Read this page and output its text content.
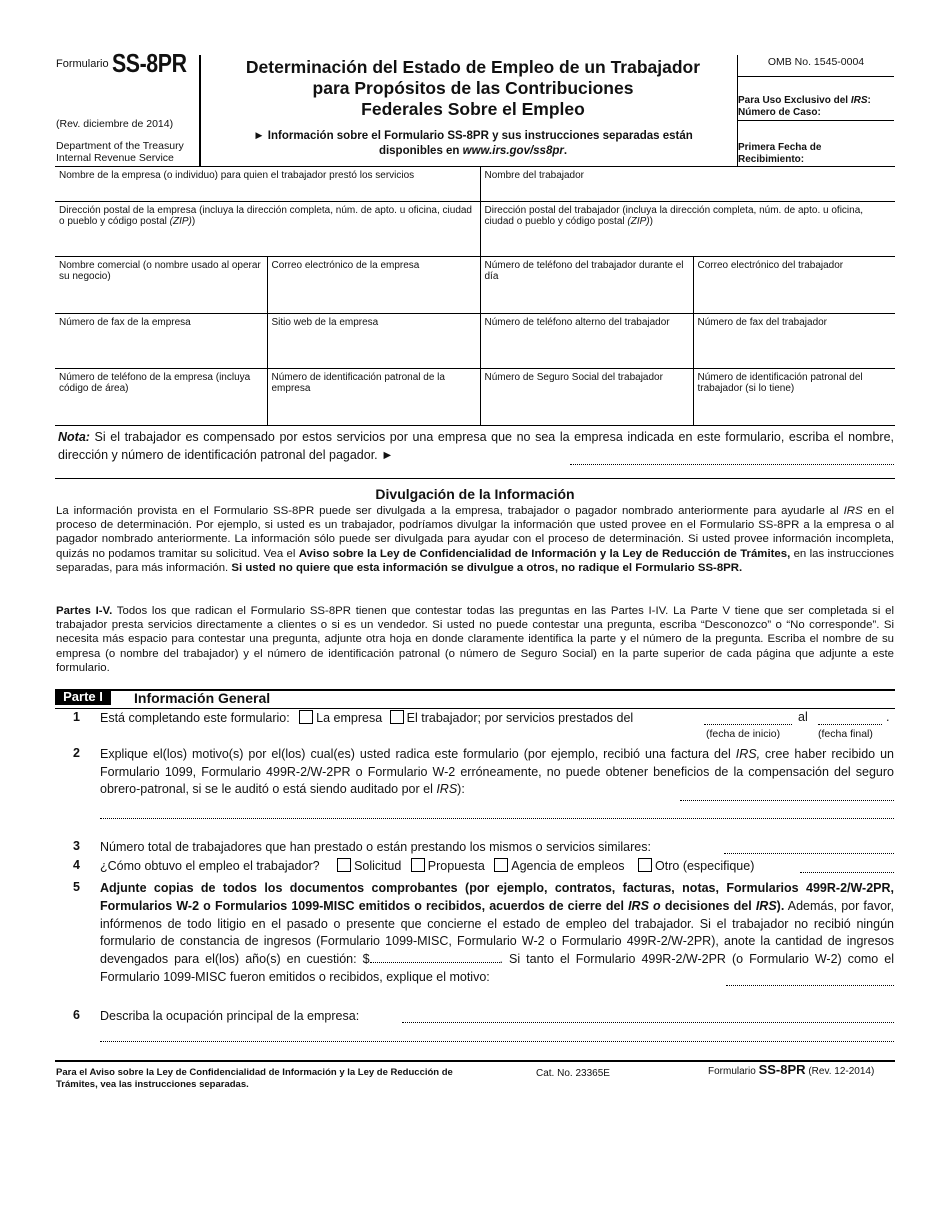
Formulario SS-8PR
(Rev. diciembre de 2014)
Department of the Treasury
Internal Revenue Service
Determinación del Estado de Empleo de un Trabajador
para Propósitos de las Contribuciones
Federales Sobre el Empleo
► Información sobre el Formulario SS-8PR y sus instrucciones separadas están
disponibles en www.irs.gov/ss8pr.
OMB No. 1545-0004
Para Uso Exclusivo del IRS:
Número de Caso:
Primera Fecha de
Recibimiento:
Nombre de la empresa (o individuo) para quien el trabajador prestó los servicios		Nombre del trabajador	
Dirección postal de la empresa (incluya la dirección completa, núm. de apto. u oficina, ciudad o pueblo y código postal (ZIP))		Dirección postal del trabajador (incluya la dirección completa, núm. de apto. u oficina, ciudad o pueblo y código postal (ZIP))	
Nombre comercial (o nombre usado al operar su negocio)	Correo electrónico de la empresa	Número de teléfono del trabajador durante el día	Correo electrónico del trabajador
Número de fax de la empresa	Sitio web de la empresa	Número de teléfono alterno del trabajador	Número de fax del trabajador
Número de teléfono de la empresa (incluya código de área)	Número de identificación patronal de la empresa	Número de Seguro Social del trabajador	Número de identificación patronal del trabajador (si lo tiene)
Nota: Si el trabajador es compensado por estos servicios por una empresa que no sea la empresa indicada en este formulario, escriba el nombre, dirección y número de identificación patronal del pagador. ►
Divulgación de la Información
La información provista en el Formulario SS-8PR puede ser divulgada a la empresa, trabajador o pagador nombrado anteriormente para ayudarle al IRS en el proceso de determinación. Por ejemplo, si usted es un trabajador, podríamos divulgar la información que usted provee en el Formulario SS-8PR a la empresa o al pagador nombrado anteriormente. La información sólo puede ser divulgada para ayudar con el proceso de determinación. Si usted provee información incompleta, quizás no podamos tramitar su solicitud. Vea el Aviso sobre la Ley de Confidencialidad de Información y la Ley de Reducción de Trámites, en las instrucciones separadas, para más información. Si usted no quiere que esta información se divulgue a otros, no radique el Formulario SS-8PR.
Partes I-V. Todos los que radican el Formulario SS-8PR tienen que contestar todas las preguntas en las Partes I-IV. La Parte V tiene que ser completada si el trabajador presta servicios directamente a clientes o si es un vendedor. Si usted no puede contestar una pregunta, escriba “Desconozco” o “No corresponde”. Si necesita más espacio para contestar una pregunta, adjunte otra hoja en donde claramente identifica la parte y el número de la pregunta. Escriba el nombre de su empresa (o nombre del trabajador) y el número de identificación patronal (o número de Seguro Social) en la parte superior de cada página que adjunte a este formulario.
Parte I	Información General
1 Está completando este formulario: La empresa El trabajador; por servicios prestados del	al	.
(fecha de inicio)	(fecha final)
2 Explique el(los) motivo(s) por el(los) cual(es) usted radica este formulario (por ejemplo, recibió una factura del IRS, cree haber recibido un Formulario 1099, Formulario 499R-2/W-2PR o Formulario W-2 erróneamente, no puede obtener beneficios de la compensación del seguro obrero-patronal, si se le auditó o está siendo auditado por el IRS):
3 Número total de trabajadores que han prestado o están prestando los mismos o servicios similares:
4 ¿Cómo obtuvo el empleo el trabajador?	Solicitud Propuesta Agencia de empleos Otro (especifique)
5 Adjunte copias de todos los documentos comprobantes (por ejemplo, contratos, facturas, notas, Formularios 499R-2/W-2PR, Formularios W-2 o Formularios 1099-MISC emitidos o recibidos, acuerdos de cierre del IRS o decisiones del IRS). Además, por favor, infórmenos de todo litigio en el pasado o presente que concierne el estado de empleo del trabajador. Si el trabajador no recibió ningún formulario de constancia de ingresos (Formulario 1099-MISC, Formulario W-2 o Formulario 499R-2/W-2PR), anote la cantidad de ingresos devengados para el(los) año(s) en cuestión: $	. Si tanto el Formulario 499R-2/W-2PR (o Formulario W-2) como el Formulario 1099-MISC fueron emitidos o recibidos, explique el motivo:
6 Describa la ocupación principal de la empresa:
Para el Aviso sobre la Ley de Confidencialidad de Información y la Ley de Reducción de Trámites, vea las instrucciones separadas.
Cat. No. 23365E	Formulario SS-8PR (Rev. 12-2014)
